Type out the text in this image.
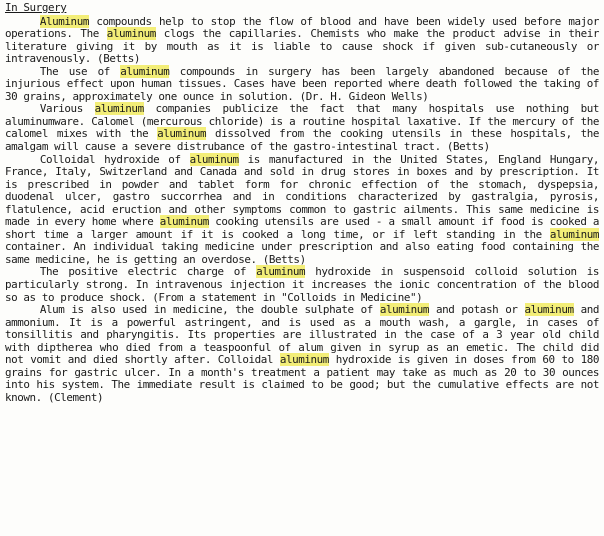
In Surgery

Aluminum compounds help to stop the flow of blood and have been widely used before major operations. The aluminum clogs the capillaries. Chemists who make the product advise in their literature giving it by mouth as it is liable to cause shock if given sub-cutaneously or intravenously. (Betts)

The use of aluminum compounds in surgery has been largely abandoned because of the injurious effect upon human tissues. Cases have been reported where death followed the taking of 30 grains, approximately one ounce in solution. (Dr. H. Gideon Wells)

Various aluminum companies publicize the fact that many hospitals use nothing but aluminumware. Calomel (mercurous chloride) is a routine hospital laxative. If the mercury of the calomel mixes with the aluminum dissolved from the cooking utensils in these hospitals, the amalgam will cause a severe distrubance of the gastro-intestinal tract. (Betts)

Colloidal hydroxide of aluminum is manufactured in the United States, England Hungary, France, Italy, Switzerland and Canada and sold in drug stores in boxes and by prescription. It is prescribed in powder and tablet form for chronic effection of the stomach, dyspepsia, duodenal ulcer, gastro succorrhea and in conditions characterized by gastralgia, pyrosis, flatulence, acid eruction and other symptoms common to gastric ailments. This same medicine is made in every home where aluminum cooking utensils are used - a small amount if food is cooked a short time a larger amount if it is cooked a long time, or if left standing in the aluminum container. An individual taking medicine under prescription and also eating food containing the same medicine, he is getting an overdose. (Betts)

The positive electric charge of aluminum hydroxide in suspensoid colloid solution is particularly strong. In intravenous injection it increases the ionic concentration of the blood so as to produce shock. (From a statement in "Colloids in Medicine")

Alum is also used in medicine, the double sulphate of aluminum and potash or aluminum and ammonium. It is a powerful astringent, and is used as a mouth wash, a gargle, in cases of tonsillitis and pharyngitis. Its properties are illustrated in the case of a 3 year old child with diptherea who died from a teaspoonful of alum given in syrup as an emetic. The child did not vomit and died shortly after. Colloidal aluminum hydroxide is given in doses from 60 to 180 grains for gastric ulcer. In a month's treatment a patient may take as much as 20 to 30 ounces into his system. The immediate result is claimed to be good; but the cumulative effects are not known. (Clement)
